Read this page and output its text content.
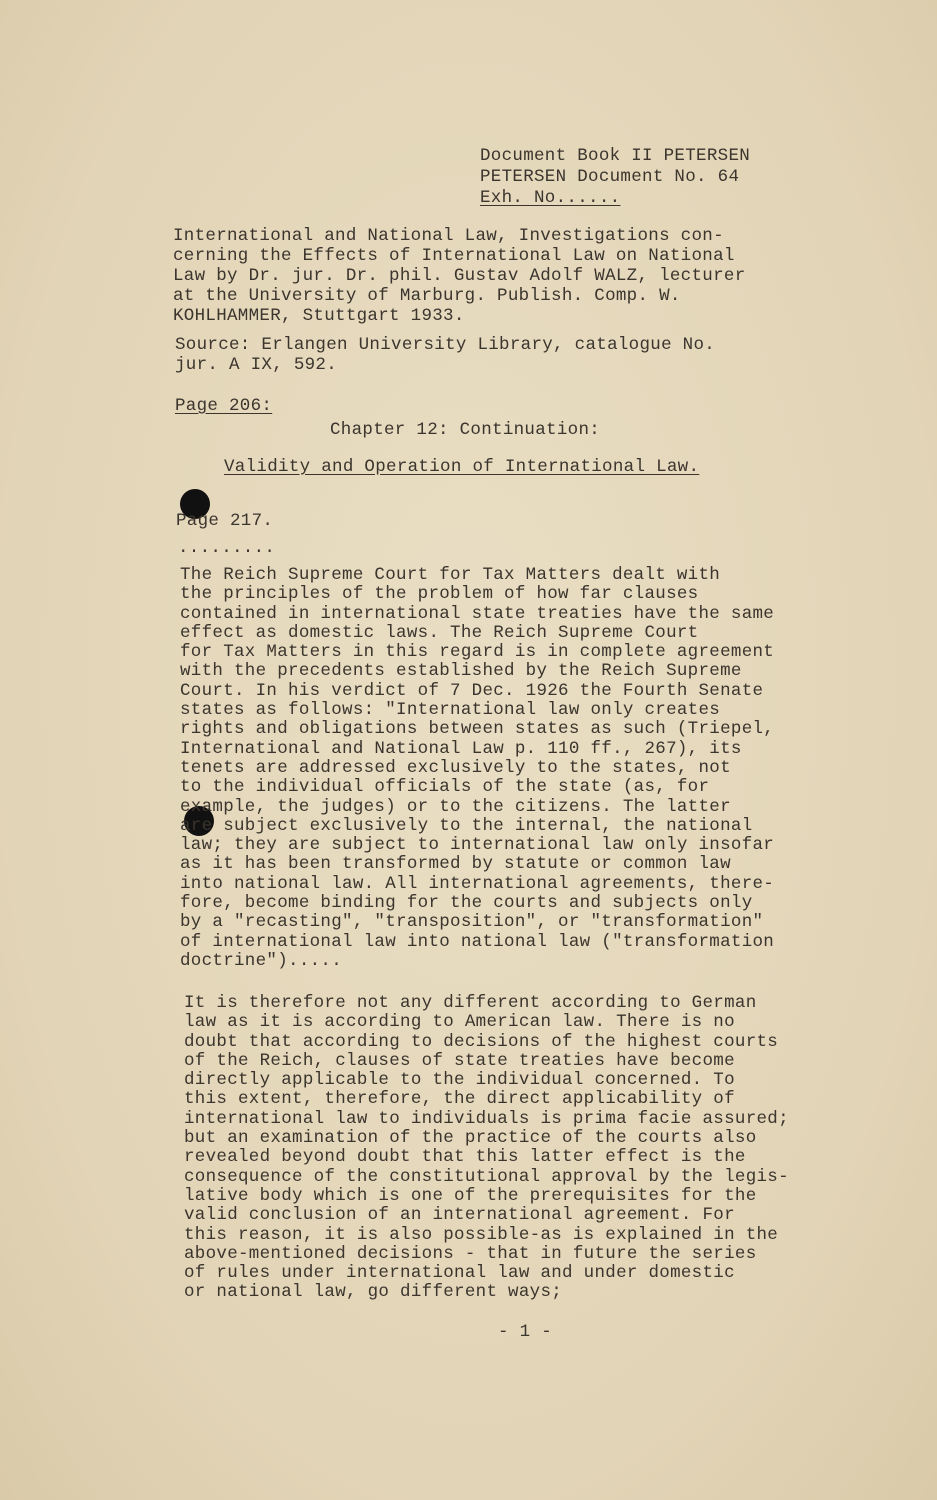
Document Book II PETERSEN
PETERSEN Document No. 64
Exh. No......
International and National Law, Investigations con-
cerning the Effects of International Law on National
Law by Dr. jur. Dr. phil. Gustav Adolf WALZ, lecturer
at the University of Marburg. Publish. Comp. W.
KOHLHAMMER, Stuttgart 1933.
Source: Erlangen University Library, catalogue No.
jur. A IX, 592.
Page 206:
Chapter 12: Continuation:
Validity and Operation of International Law.
Page 217.
.........
The Reich Supreme Court for Tax Matters dealt with
the principles of the problem of how far clauses
contained in international state treaties have the same
effect as domestic laws. The Reich Supreme Court
for Tax Matters in this regard is in complete agreement
with the precedents established by the Reich Supreme
Court. In his verdict of 7 Dec. 1926 the Fourth Senate
states as follows: "International law only creates
rights and obligations between states as such (Triepel,
International and National Law p. 110 ff., 267), its
tenets are addressed exclusively to the states, not
to the individual officials of the state (as, for
example, the judges) or to the citizens. The latter
are subject exclusively to the internal, the national
law; they are subject to international law only insofar
as it has been transformed by statute or common law
into national law. All international agreements, there-
fore, become binding for the courts and subjects only
by a "recasting", "transposition", or "transformation"
of international law into national law ("transformation
doctrine").....
It is therefore not any different according to German
law as it is according to American law. There is no
doubt that according to decisions of the highest courts
of the Reich, clauses of state treaties have become
directly applicable to the individual concerned. To
this extent, therefore, the direct applicability of
international law to individuals is prima facie assured;
but an examination of the practice of the courts also
revealed beyond doubt that this latter effect is the
consequence of the constitutional approval by the legis-
lative body which is one of the prerequisites for the
valid conclusion of an international agreement. For
this reason, it is also possible-as is explained in the
above-mentioned decisions - that in future the series
of rules under international law and under domestic
or national law, go different ways;
- 1 -
